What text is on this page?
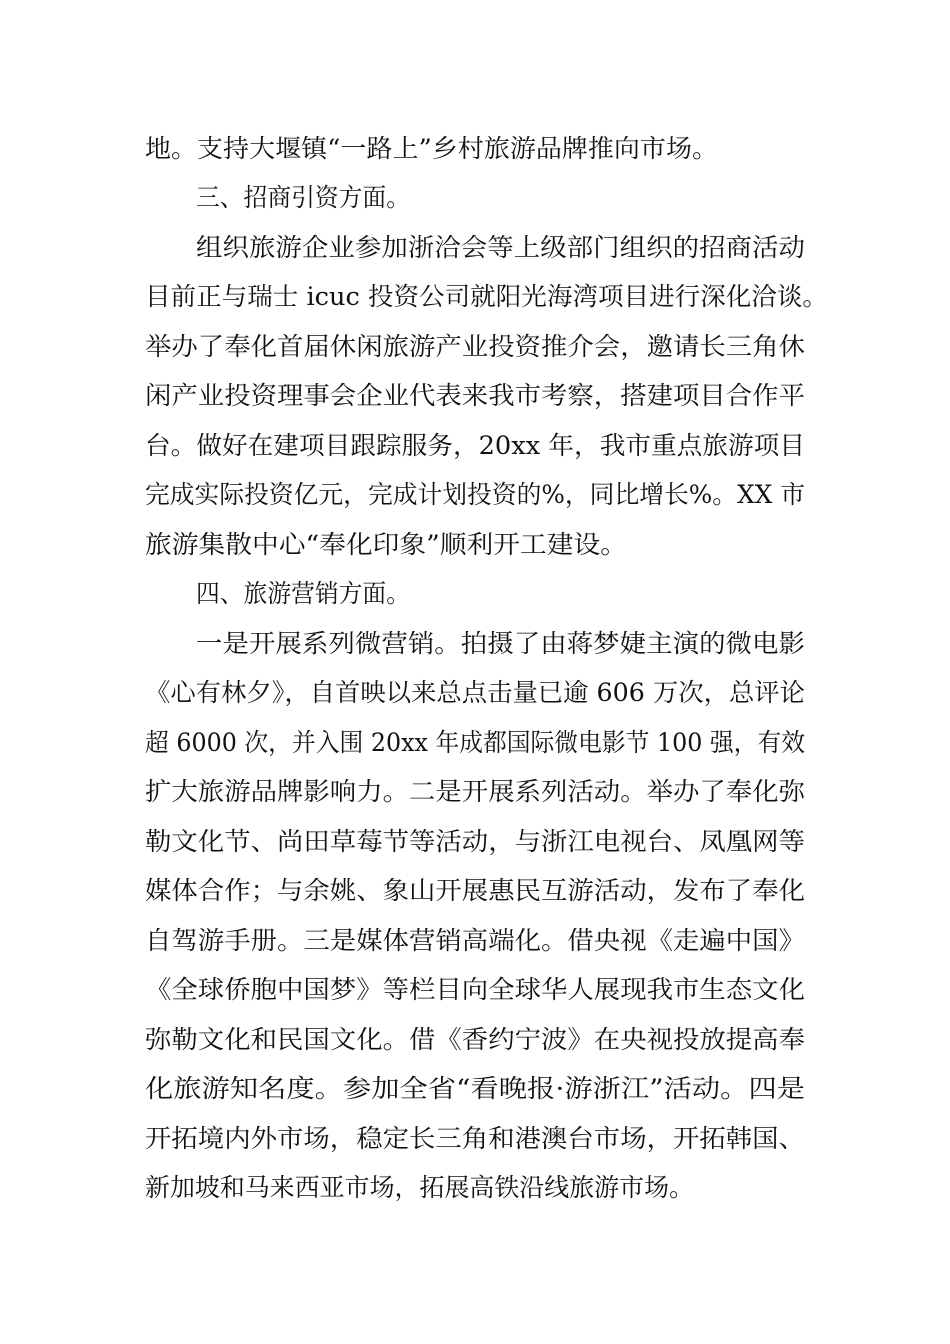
地。支持大堰镇“一路上”乡村旅游品牌推向市场。
三、招商引资方面。
组织旅游企业参加浙洽会等上级部门组织的招商活动
目前正与瑞士 icuc 投资公司就阳光海湾项目进行深化洽谈。
举办了奉化首届休闲旅游产业投资推介会，邀请长三角休
闲产业投资理事会企业代表来我市考察，搭建项目合作平
台。做好在建项目跟踪服务，20xx 年，我市重点旅游项目
完成实际投资亿元，完成计划投资的%，同比增长%。XX 市
旅游集散中心“奉化印象”顺利开工建设。
四、旅游营销方面。
一是开展系列微营销。拍摄了由蒋梦婕主演的微电影
《心有林夕》，自首映以来总点击量已逾 606 万次，总评论
超 6000 次，并入围 20xx 年成都国际微电影节 100 强，有效
扩大旅游品牌影响力。二是开展系列活动。举办了奉化弥
勒文化节、尚田草莓节等活动，与浙江电视台、凤凰网等
媒体合作；与余姚、象山开展惠民互游活动，发布了奉化
自驾游手册。三是媒体营销高端化。借央视《走遍中国》
《全球侨胞中国梦》等栏目向全球华人展现我市生态文化
弥勒文化和民国文化。借《香约宁波》在央视投放提高奉
化旅游知名度。参加全省“看晚报·游浙江”活动。四是
开拓境内外市场，稳定长三角和港澳台市场，开拓韩国、
新加坡和马来西亚市场，拓展高铁沿线旅游市场。
